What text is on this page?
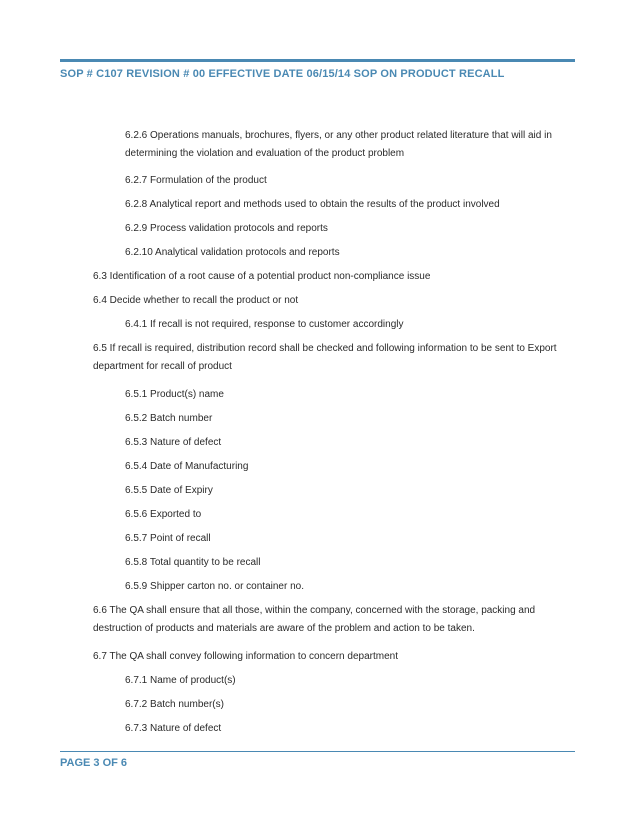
SOP # C107 REVISION # 00 EFFECTIVE DATE 06/15/14 SOP ON PRODUCT RECALL
6.2.6 Operations manuals, brochures, flyers, or any other product related literature that will aid in determining the violation and evaluation of the product problem
6.2.7 Formulation of the product
6.2.8 Analytical report and methods used to obtain the results of the product involved
6.2.9 Process validation protocols and reports
6.2.10 Analytical validation protocols and reports
6.3 Identification of a root cause of a potential product non-compliance issue
6.4 Decide whether to recall the product or not
6.4.1 If recall is not required, response to customer accordingly
6.5 If recall is required, distribution record shall be checked and following information to be sent to Export department for recall of product
6.5.1 Product(s) name
6.5.2 Batch number
6.5.3 Nature of defect
6.5.4 Date of Manufacturing
6.5.5 Date of Expiry
6.5.6 Exported to
6.5.7 Point of recall
6.5.8 Total quantity to be recall
6.5.9 Shipper carton no. or container no.
6.6 The QA shall ensure that all those, within the company, concerned with the storage, packing and destruction of products and materials are aware of the problem and action to be taken.
6.7 The QA shall convey following information to concern department
6.7.1 Name of product(s)
6.7.2 Batch number(s)
6.7.3 Nature of defect
PAGE 3 OF 6
